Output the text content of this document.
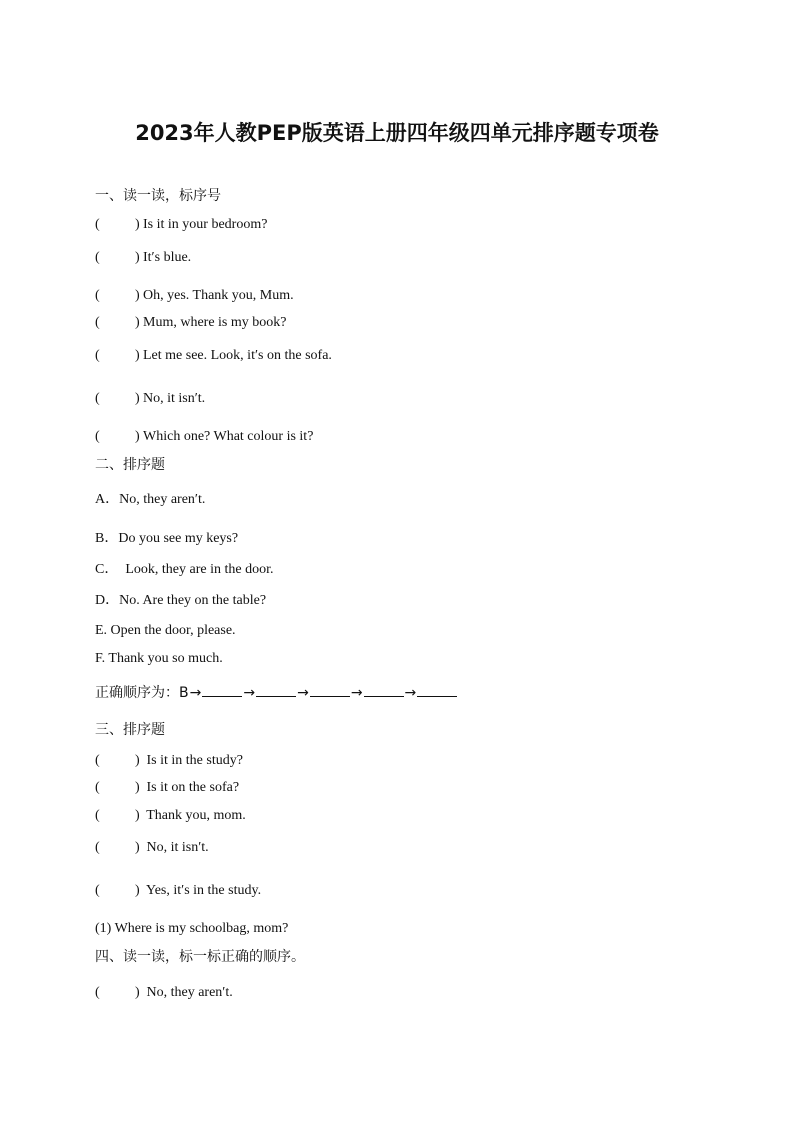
2023年人教PEP版英语上册四年级四单元排序题专项卷
一、读一读，标序号
(	) Is it in your bedroom?
(	) It′s blue.
(	) Oh, yes. Thank you, Mum.
(	) Mum, where is my book?
(	) Let me see. Look, it′s on the sofa.
(	) No, it isn′t.
(	) Which one? What colour is it?
二、排序题
A．No, they aren′t.
B．Do you see my keys?
C．  Look, they are in the door.
D．No. Are they on the table?
E. Open the door, please.
F. Thank you so much.
正确顺序为：B→	→	→	→	→
三、排序题
(	) Is it in the study?
(	) Is it on the sofa?
(	) Thank you, mom.
(	) No, it isn′t.
(	) Yes, it′s in the study.
(1) Where is my schoolbag, mom?
四、读一读，标一标正确的顺序。
(	) No, they aren′t.
